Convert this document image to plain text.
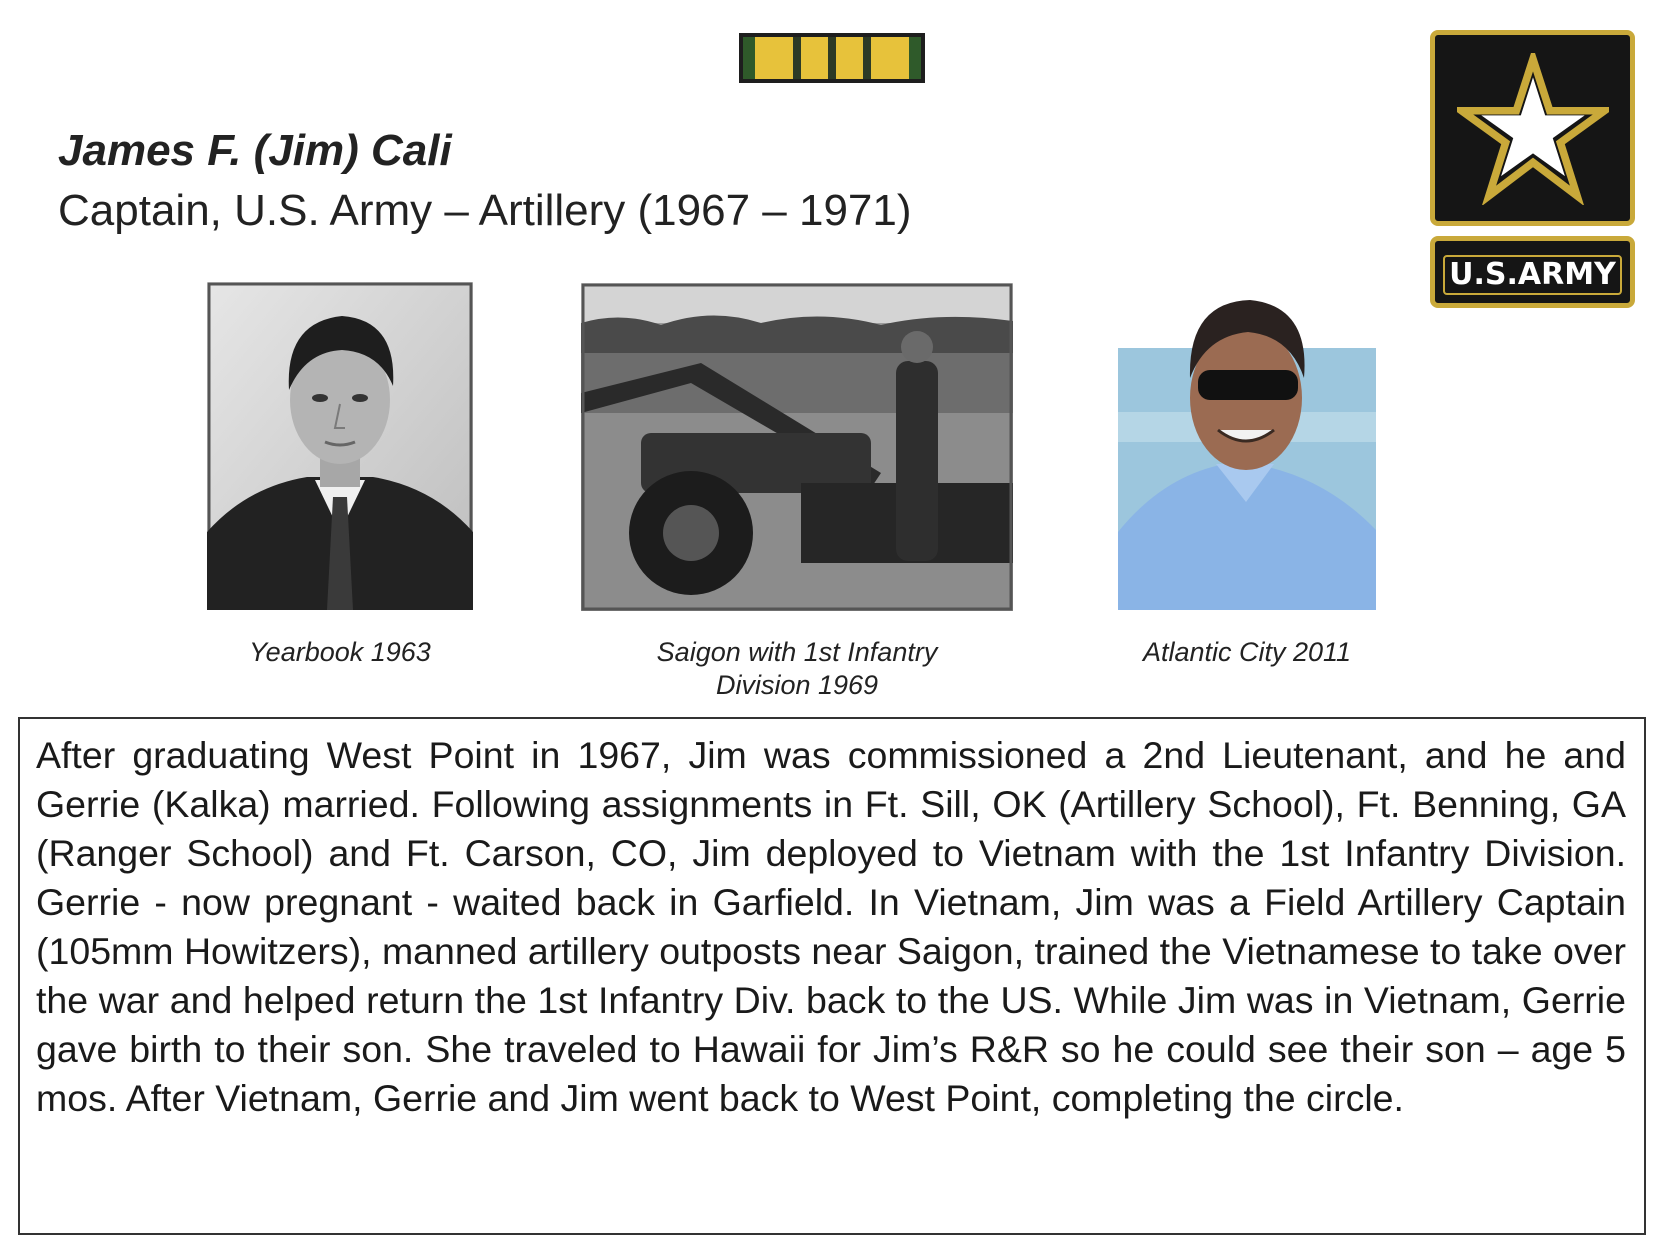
U.S.ARMY
James F. (Jim) Cali
Captain, U.S. Army – Artillery (1967 – 1971)
Yearbook 1963	Saigon with 1st Infantry
Division 1969
Atlantic City 2011
After graduating West Point in 1967, Jim was commissioned a 2nd Lieutenant, and he and Gerrie (Kalka) married. Following assignments in Ft. Sill, OK (Artillery School), Ft. Benning, GA (Ranger School) and Ft. Carson, CO, Jim deployed to Vietnam with the 1st Infantry Division. Gerrie - now pregnant - waited back in Garfield. In Vietnam, Jim was a Field Artillery Captain (105mm Howitzers), manned artillery outposts near Saigon, trained the Vietnamese to take over the war and helped return the 1st Infantry Div. back to the US. While Jim was in Vietnam, Gerrie gave birth to their son. She traveled to Hawaii for Jim’s R&R so he could see their son – age 5 mos. After Vietnam, Gerrie and Jim went back to West Point, completing the circle.
